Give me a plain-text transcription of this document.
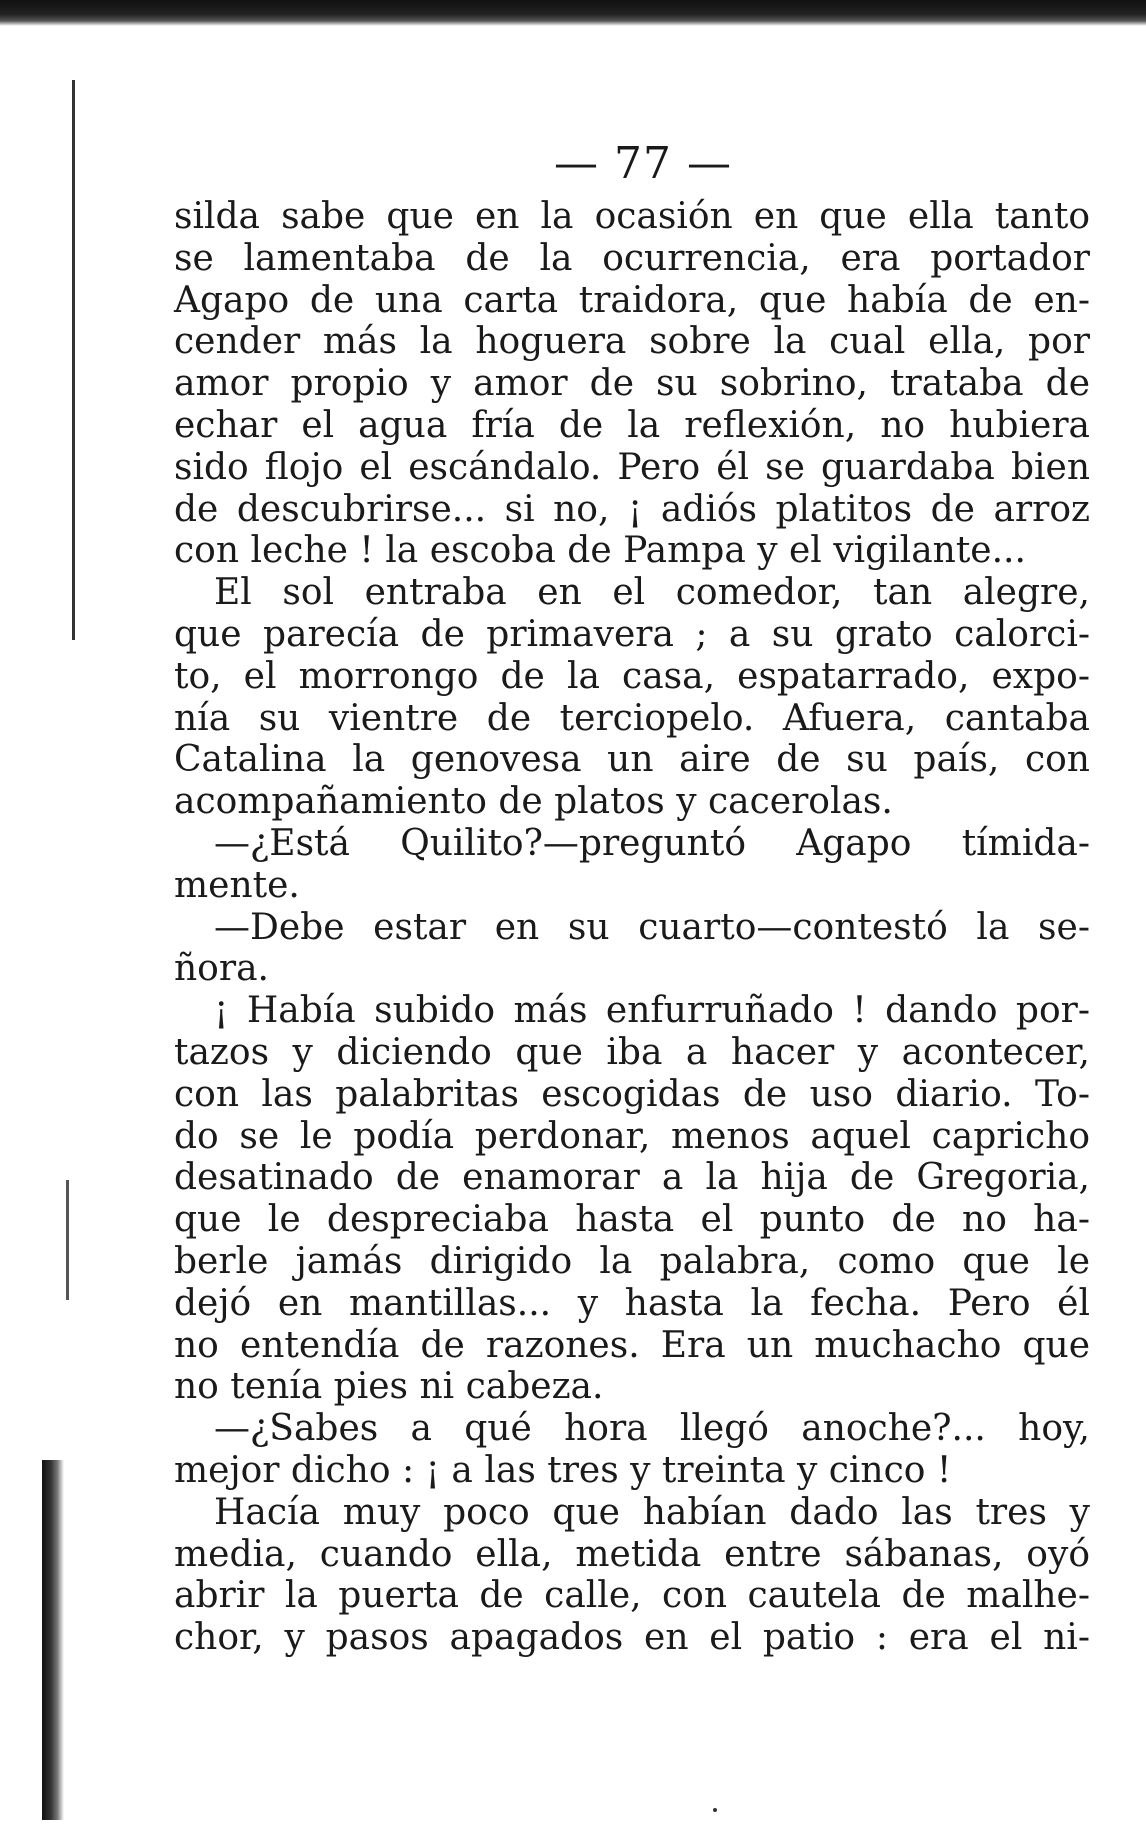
— 77 —
silda sabe que en la ocasión en que ella tanto
se lamentaba de la ocurrencia, era portador
Agapo de una carta traidora, que había de en-
cender más la hoguera sobre la cual ella, por
amor propio y amor de su sobrino, trataba de
echar el agua fría de la reflexión, no hubiera
sido flojo el escándalo. Pero él se guardaba bien
de descubrirse... si no, ¡ adiós platitos de arroz
con leche ! la escoba de Pampa y el vigilante...
El sol entraba en el comedor, tan alegre,
que parecía de primavera ; a su grato calorci-
to, el morrongo de la casa, espatarrado, expo-
nía su vientre de terciopelo. Afuera, cantaba
Catalina la genovesa un aire de su país, con
acompañamiento de platos y cacerolas.
—¿Está Quilito?—preguntó Agapo tímida-
mente.
—Debe estar en su cuarto—contestó la se-
ñora.
¡ Había subido más enfurruñado ! dando por-
tazos y diciendo que iba a hacer y acontecer,
con las palabritas escogidas de uso diario. To-
do se le podía perdonar, menos aquel capricho
desatinado de enamorar a la hija de Gregoria,
que le despreciaba hasta el punto de no ha-
berle jamás dirigido la palabra, como que le
dejó en mantillas... y hasta la fecha. Pero él
no entendía de razones. Era un muchacho que
no tenía pies ni cabeza.
—¿Sabes a qué hora llegó anoche?... hoy,
mejor dicho : ¡ a las tres y treinta y cinco !
Hacía muy poco que habían dado las tres y
media, cuando ella, metida entre sábanas, oyó
abrir la puerta de calle, con cautela de malhe-
chor, y pasos apagados en el patio : era el ni-
